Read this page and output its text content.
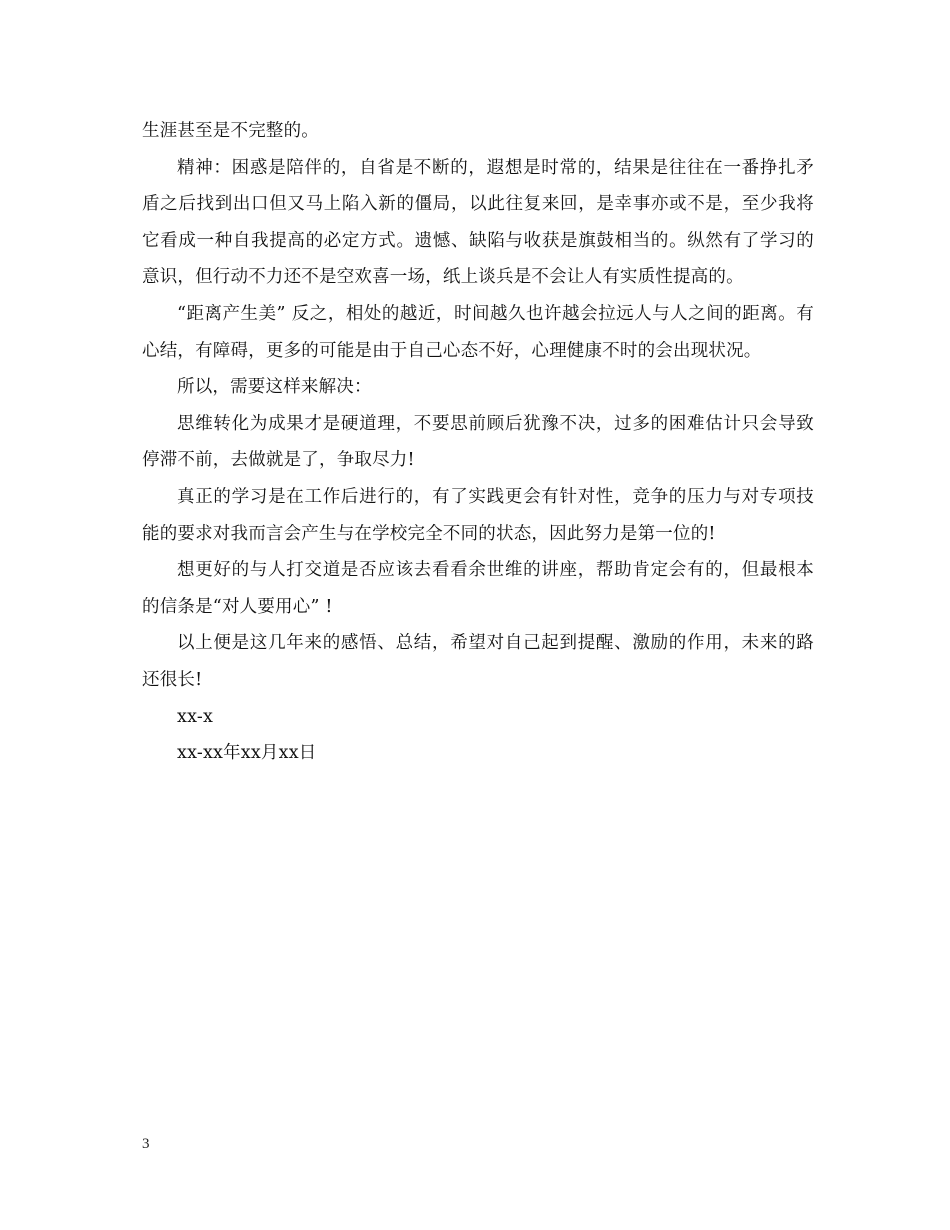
生涯甚至是不完整的。

精神：困惑是陪伴的，自省是不断的，遐想是时常的，结果是往往在一番挣扎矛盾之后找到出口但又马上陷入新的僵局，以此往复来回，是幸事亦或不是，至少我将它看成一种自我提高的必定方式。遗憾、缺陷与收获是旗鼓相当的。纵然有了学习的意识，但行动不力还不是空欢喜一场，纸上谈兵是不会让人有实质性提高的。

“距离产生美” 反之，相处的越近，时间越久也许越会拉远人与人之间的距离。有心结，有障碍，更多的可能是由于自己心态不好，心理健康不时的会出现状况。

所以，需要这样来解决：

思维转化为成果才是硬道理，不要思前顾后犹豫不决，过多的困难估计只会导致停滞不前，去做就是了，争取尽力!

真正的学习是在工作后进行的，有了实践更会有针对性，竞争的压力与对专项技能的要求对我而言会产生与在学校完全不同的状态，因此努力是第一位的!

想更好的与人打交道是否应该去看看余世维的讲座，帮助肯定会有的，但最根本的信条是“对人要用心” !

以上便是这几年来的感悟、总结，希望对自己起到提醒、激励的作用，未来的路还很长!

xx-x

xx-xx年xx月xx日

3
